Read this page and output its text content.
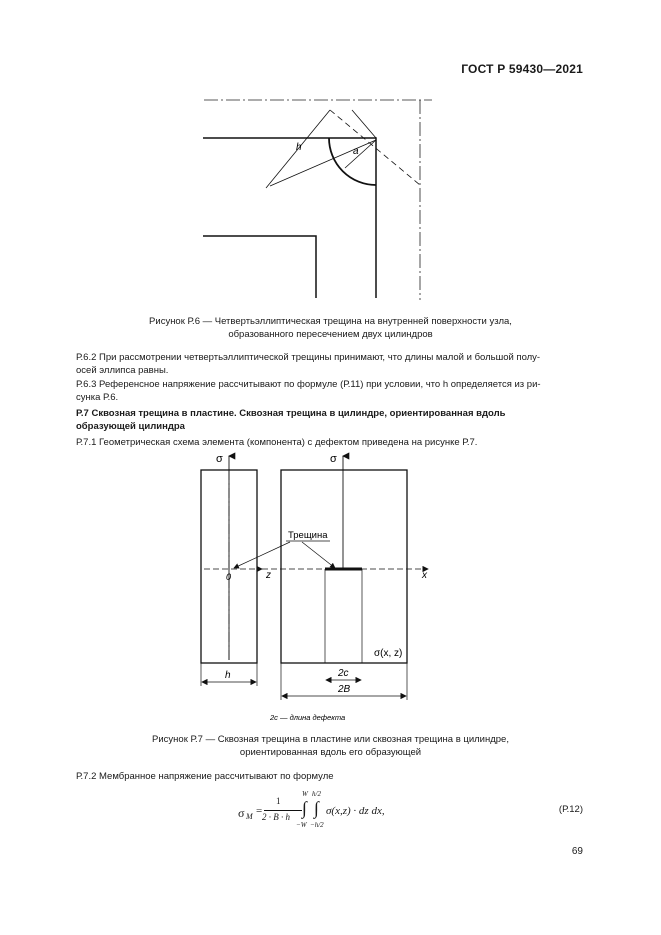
ГОСТ Р 59430—2021
h	a
Рисунок Р.6 — Четвертьэллиптическая трещина на внутренней поверхности узла,
образованного пересечением двух цилиндров
Р.6.2 При рассмотрении четвертьэллиптической трещины принимают, что длины малой и большой полу-
осей эллипса равны.
Р.6.3 Референсное напряжение рассчитывают по формуле (Р.11) при условии, что h определяется из ри-
сунка Р.6.
Р.7 Сквозная трещина в пластине. Сквозная трещина в цилиндре, ориентированная вдоль
образующей цилиндра
Р.7.1 Геометрическая схема элемента (компонента) с дефектом приведена на рисунке Р.7.
σ
0	z
h
σ
x
σ(x, z)
Трещина
2c
2B
2c — длина дефекта
Рисунок Р.7 — Сквозная трещина в пластине или сквозная трещина в цилиндре,
ориентированная вдоль его образующей
Р.7.2 Мембранное напряжение рассчитывают по формуле
σ M =
1
2 · B · h
W
∫
−W
h/2
∫
−h/2
σ(x,z) · dz dx,	(Р.12)
69
